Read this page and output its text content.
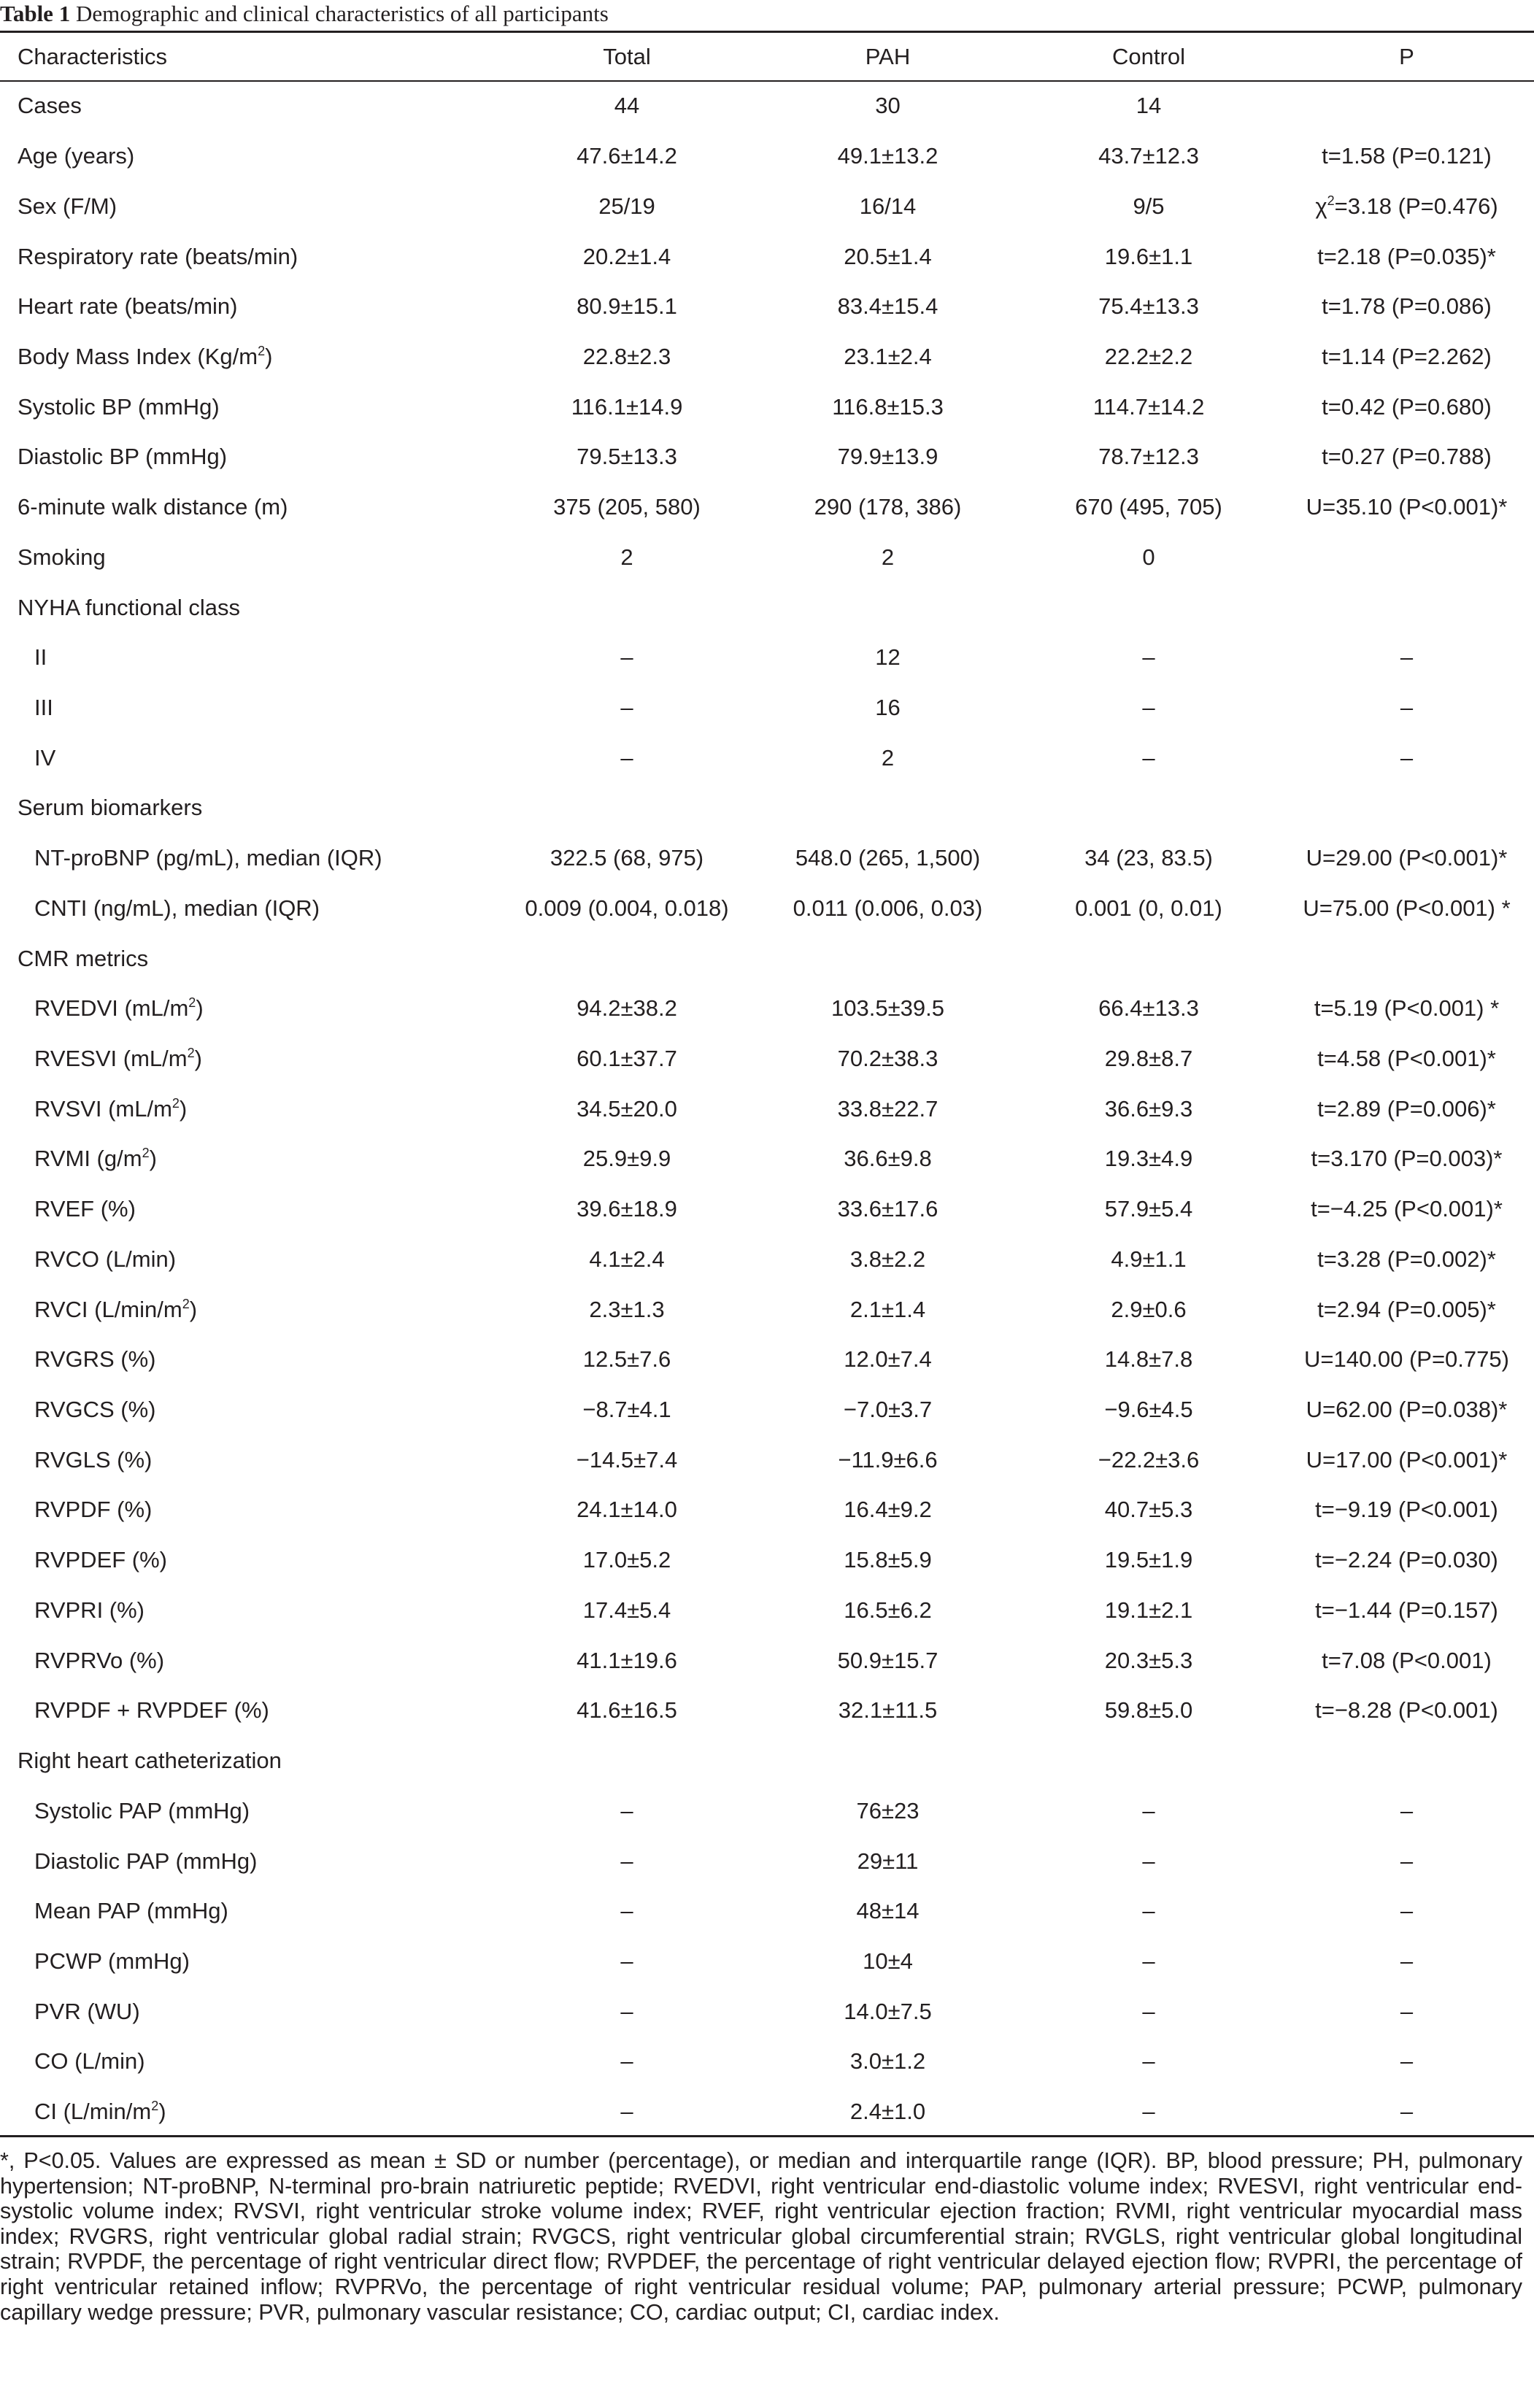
Table 1 Demographic and clinical characteristics of all participants
Characteristics	Total	PAH	Control	P
Cases	44	30	14	
Age (years)	47.6±14.2	49.1±13.2	43.7±12.3	t=1.58 (P=0.121)
Sex (F/M)	25/19	16/14	9/5	$\chi^2=3.18$ (P=0.476)
Respiratory rate (beats/min)	20.2±1.4	20.5±1.4	19.6±1.1	t=2.18 (P=0.035)*
Heart rate (beats/min)	80.9±15.1	83.4±15.4	75.4±13.3	t=1.78 (P=0.086)
Body Mass Index $(Kg/m^2)$	22.8±2.3	23.1±2.4	22.2±2.2	t=1.14 (P=2.262)
Systolic BP (mmHg)	116.1±14.9	116.8±15.3	114.7±14.2	t=0.42 (P=0.680)
Diastolic BP (mmHg)	79.5±13.3	79.9±13.9	78.7±12.3	t=0.27 (P=0.788)
6-minute walk distance (m)	375 (205, 580)	290 (178, 386)	670 (495, 705)	U=35.10 (P<0.001)*
Smoking	2	2	0	
NYHA functional class				
II	–	12	–	–
III	–	16	–	–
IV	–	2	–	–
Serum biomarkers				
NT-proBNP (pg/mL), median (IQR)	322.5 (68, 975)	548.0 (265, 1,500)	34 (23, 83.5)	U=29.00 (P<0.001)*
CNTI (ng/mL), median (IQR)	0.009 (0.004, 0.018)	0.011 (0.006, 0.03)	0.001 (0, 0.01)	U=75.00 (P<0.001) *
CMR metrics				
RVEDVI $(mL/m^2)$	94.2±38.2	103.5±39.5	66.4±13.3	t=5.19 (P<0.001) *
RVESVI $(mL/m^2)$	60.1±37.7	70.2±38.3	29.8±8.7	t=4.58 (P<0.001)*
RVSVI $(mL/m^2)$	34.5±20.0	33.8±22.7	36.6±9.3	t=2.89 (P=0.006)*
RVMI $(g/m^2)$	25.9±9.9	36.6±9.8	19.3±4.9	t=3.170 (P=0.003)*
RVEF (%)	39.6±18.9	33.6±17.6	57.9±5.4	t=−4.25 (P<0.001)*
RVCO (L/min)	4.1±2.4	3.8±2.2	4.9±1.1	t=3.28 (P=0.002)*
RVCI $(L/\min/m^2)$	2.3±1.3	2.1±1.4	2.9±0.6	t=2.94 (P=0.005)*
RVGRS (%)	12.5±7.6	12.0±7.4	14.8±7.8	U=140.00 (P=0.775)
RVGCS (%)	−8.7±4.1	−7.0±3.7	−9.6±4.5	U=62.00 (P=0.038)*
RVGLS (%)	−14.5±7.4	−11.9±6.6	−22.2±3.6	U=17.00 (P<0.001)*
RVPDF (%)	24.1±14.0	16.4±9.2	40.7±5.3	t=−9.19 (P<0.001)
RVPDEF (%)	17.0±5.2	15.8±5.9	19.5±1.9	t=−2.24 (P=0.030)
RVPRI (%)	17.4±5.4	16.5±6.2	19.1±2.1	t=−1.44 (P=0.157)
RVPRVo (%)	41.1±19.6	50.9±15.7	20.3±5.3	t=7.08 (P<0.001)
RVPDF + RVPDEF (%)	41.6±16.5	32.1±11.5	59.8±5.0	t=−8.28 (P<0.001)
Right heart catheterization				
Systolic PAP (mmHg)	–	76±23	–	–
Diastolic PAP (mmHg)	–	29±11	–	–
Mean PAP (mmHg)	–	48±14	–	–
PCWP (mmHg)	–	10±4	–	–
PVR (WU)	–	14.0±7.5	–	–
CO (L/min)	–	3.0±1.2	–	–
CI $(L/\min/m^2)$	–	2.4±1.0	–	–
*, P<0.05. Values are expressed as mean ± SD or number (percentage), or median and interquartile range (IQR). BP, blood pressure; PH, pulmonary hypertension; NT-proBNP, N-terminal pro-brain natriuretic peptide; RVEDVI, right ventricular end-diastolic volume index; RVESVI, right ventricular end-systolic volume index; RVSVI, right ventricular stroke volume index; RVEF, right ventricular ejection fraction; RVMI, right ventricular myocardial mass index; RVGRS, right ventricular global radial strain; RVGCS, right ventricular global circumferential strain; RVGLS, right ventricular global longitudinal strain; RVPDF, the percentage of right ventricular direct flow; RVPDEF, the percentage of right ventricular delayed ejection flow; RVPRI, the percentage of right ventricular retained inflow; RVPRVo, the percentage of right ventricular residual volume; PAP, pulmonary arterial pressure; PCWP, pulmonary capillary wedge pressure; PVR, pulmonary vascular resistance; CO, cardiac output; CI, cardiac index.
